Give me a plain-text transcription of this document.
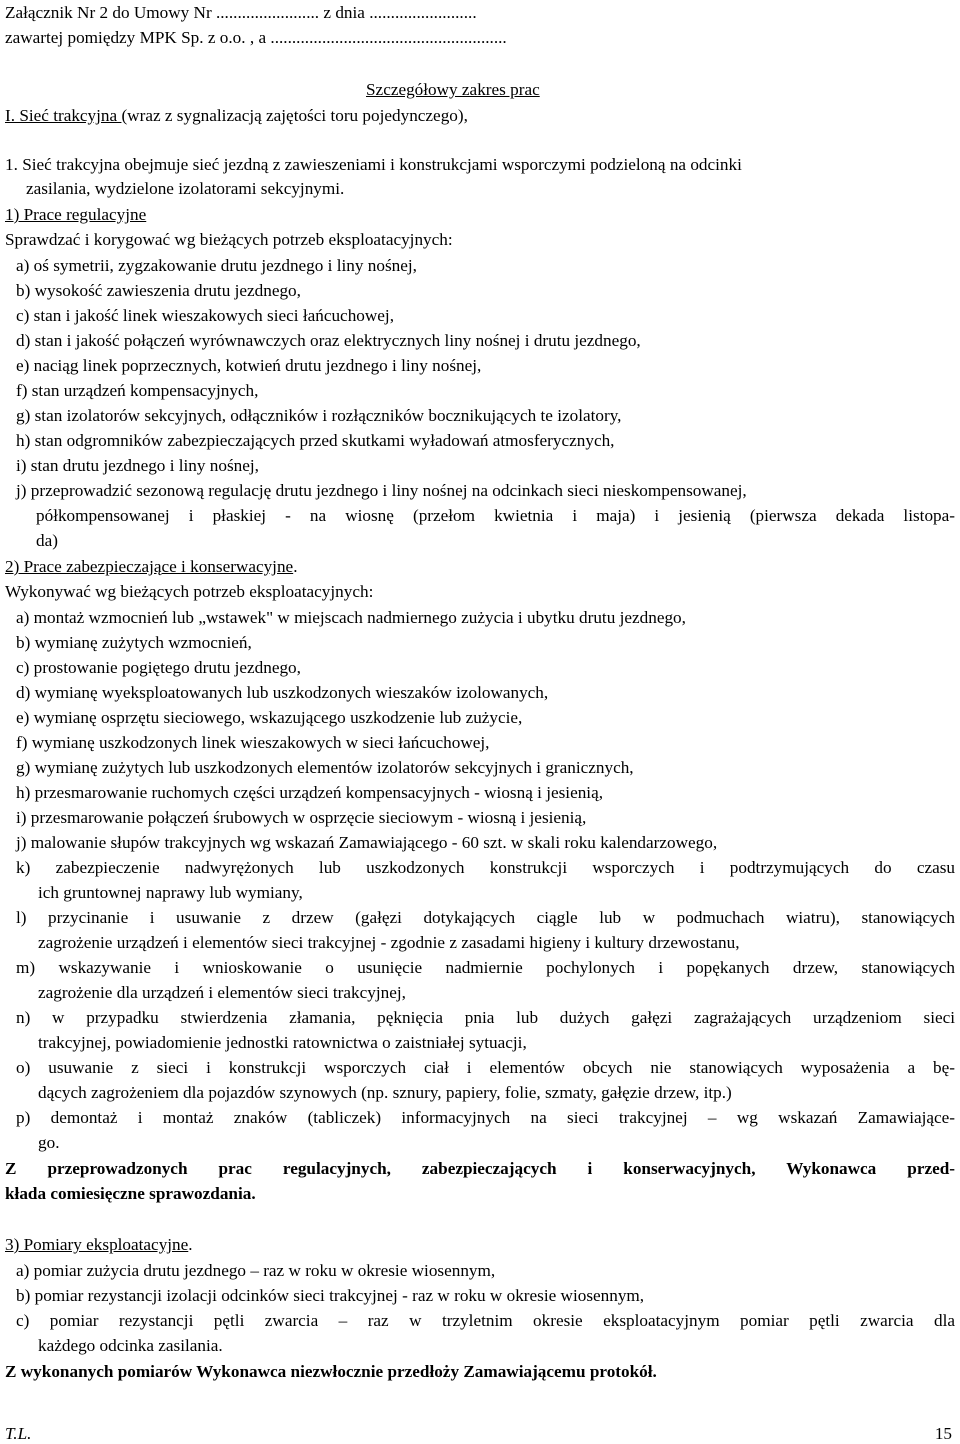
Załącznik Nr 2 do Umowy Nr ........................ z dnia .........................
zawartej pomiędzy MPK Sp. z o.o. , a .......................................................
Szczegółowy zakres prac
I. Sieć trakcyjna (wraz z sygnalizacją zajętości toru pojedynczego),
1. Sieć trakcyjna obejmuje sieć jezdną z zawieszeniami i konstrukcjami wsporczymi podzieloną na odcinki
zasilania, wydzielone izolatorami sekcyjnymi.
1) Prace regulacyjne
Sprawdzać i korygować wg bieżących potrzeb eksploatacyjnych:
a) oś symetrii, zygzakowanie drutu jezdnego i liny nośnej,
b) wysokość zawieszenia drutu jezdnego,
c) stan i jakość linek wieszakowych sieci łańcuchowej,
d) stan i jakość połączeń wyrównawczych oraz elektrycznych liny nośnej i drutu jezdnego,
e) naciąg linek poprzecznych, kotwień drutu jezdnego i liny nośnej,
f) stan urządzeń kompensacyjnych,
g) stan izolatorów sekcyjnych, odłączników i rozłączników bocznikujących te izolatory,
h) stan odgromników zabezpieczających przed skutkami wyładowań atmosferycznych,
i) stan drutu jezdnego i liny nośnej,
j) przeprowadzić sezonową regulację drutu jezdnego i liny nośnej na odcinkach sieci nieskompensowanej,
półkompensowanej i płaskiej - na wiosnę (przełom kwietnia i maja) i jesienią (pierwsza dekada listopa-
da)
2) Prace zabezpieczające i konserwacyjne.
Wykonywać wg bieżących potrzeb eksploatacyjnych:
a) montaż wzmocnień lub „wstawek" w miejscach nadmiernego zużycia i ubytku drutu jezdnego,
b) wymianę zużytych wzmocnień,
c) prostowanie pogiętego drutu jezdnego,
d) wymianę wyeksploatowanych lub uszkodzonych wieszaków izolowanych,
e) wymianę osprzętu sieciowego, wskazującego uszkodzenie lub zużycie,
f) wymianę uszkodzonych linek wieszakowych w sieci łańcuchowej,
g) wymianę zużytych lub uszkodzonych elementów izolatorów sekcyjnych i granicznych,
h) przesmarowanie ruchomych części urządzeń kompensacyjnych - wiosną i jesienią,
i) przesmarowanie połączeń śrubowych w osprzęcie sieciowym - wiosną i jesienią,
j) malowanie słupów trakcyjnych wg wskazań Zamawiającego - 60 szt. w skali roku kalendarzowego,
k) zabezpieczenie nadwyrężonych lub uszkodzonych konstrukcji wsporczych i podtrzymujących do czasu
ich gruntownej naprawy lub wymiany,
l) przycinanie i usuwanie z drzew (gałęzi dotykających ciągle lub w podmuchach wiatru), stanowiących
zagrożenie urządzeń i elementów sieci trakcyjnej - zgodnie z zasadami higieny i kultury drzewostanu,
m) wskazywanie i wnioskowanie o usunięcie nadmiernie pochylonych i popękanych drzew, stanowiących
zagrożenie dla urządzeń i elementów sieci trakcyjnej,
n) w przypadku stwierdzenia złamania, pęknięcia pnia lub dużych gałęzi zagrażających urządzeniom sieci
trakcyjnej, powiadomienie jednostki ratownictwa o zaistniałej sytuacji,
o) usuwanie z sieci i konstrukcji wsporczych ciał i elementów obcych nie stanowiących wyposażenia a bę-
dących zagrożeniem dla pojazdów szynowych (np. sznury, papiery, folie, szmaty, gałęzie drzew, itp.)
p) demontaż i montaż znaków (tabliczek) informacyjnych na sieci trakcyjnej – wg wskazań Zamawiające-
go.
Z przeprowadzonych prac regulacyjnych, zabezpieczających i konserwacyjnych, Wykonawca przed-
kłada comiesięczne sprawozdania.
3) Pomiary eksploatacyjne.
a) pomiar zużycia drutu jezdnego – raz w roku w okresie wiosennym,
b) pomiar rezystancji izolacji odcinków sieci trakcyjnej - raz w roku w okresie wiosennym,
c) pomiar rezystancji pętli zwarcia – raz w trzyletnim okresie eksploatacyjnym pomiar pętli zwarcia dla
każdego odcinka zasilania.
Z wykonanych pomiarów Wykonawca niezwłocznie przedłoży Zamawiającemu protokół.
T.L.	15
